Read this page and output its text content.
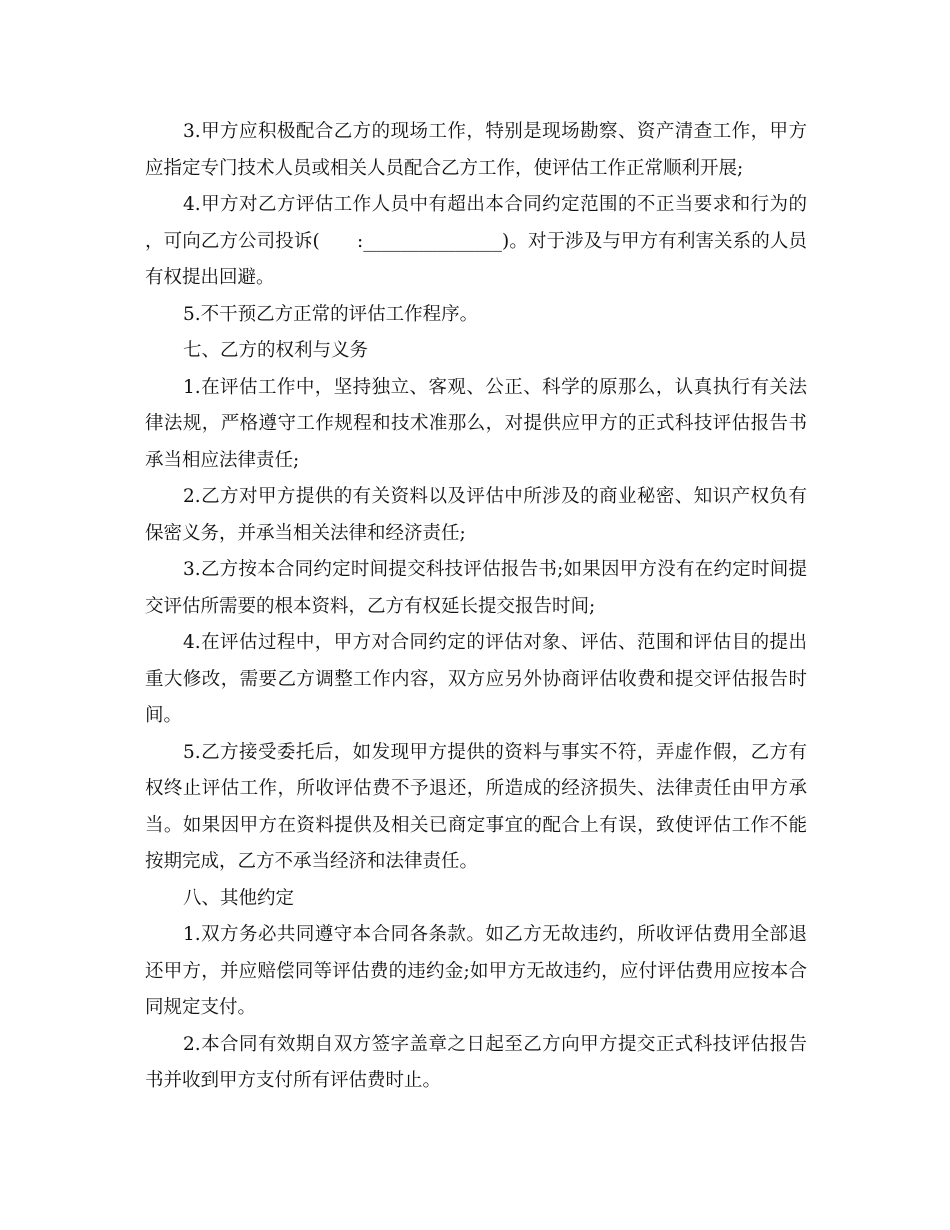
3.甲方应积极配合乙方的现场工作，特别是现场勘察、资产清查工作，甲方应指定专门技术人员或相关人员配合乙方工作，使评估工作正常顺利开展;

4.甲方对乙方评估工作人员中有超出本合同约定范围的不正当要求和行为的，可向乙方公司投诉(　　:_______________)。对于涉及与甲方有利害关系的人员有权提出回避。

5.不干预乙方正常的评估工作程序。

七、乙方的权利与义务

1.在评估工作中，坚持独立、客观、公正、科学的原那么，认真执行有关法律法规，严格遵守工作规程和技术准那么，对提供应甲方的正式科技评估报告书承当相应法律责任;

2.乙方对甲方提供的有关资料以及评估中所涉及的商业秘密、知识产权负有保密义务，并承当相关法律和经济责任;

3.乙方按本合同约定时间提交科技评估报告书;如果因甲方没有在约定时间提交评估所需要的根本资料，乙方有权延长提交报告时间;

4.在评估过程中，甲方对合同约定的评估对象、评估、范围和评估目的提出重大修改，需要乙方调整工作内容，双方应另外协商评估收费和提交评估报告时间。

5.乙方接受委托后，如发现甲方提供的资料与事实不符，弄虚作假，乙方有权终止评估工作，所收评估费不予退还，所造成的经济损失、法律责任由甲方承当。如果因甲方在资料提供及相关已商定事宜的配合上有误，致使评估工作不能按期完成，乙方不承当经济和法律责任。

八、其他约定

1.双方务必共同遵守本合同各条款。如乙方无故违约，所收评估费用全部退还甲方，并应赔偿同等评估费的违约金;如甲方无故违约，应付评估费用应按本合同规定支付。

2.本合同有效期自双方签字盖章之日起至乙方向甲方提交正式科技评估报告书并收到甲方支付所有评估费时止。
